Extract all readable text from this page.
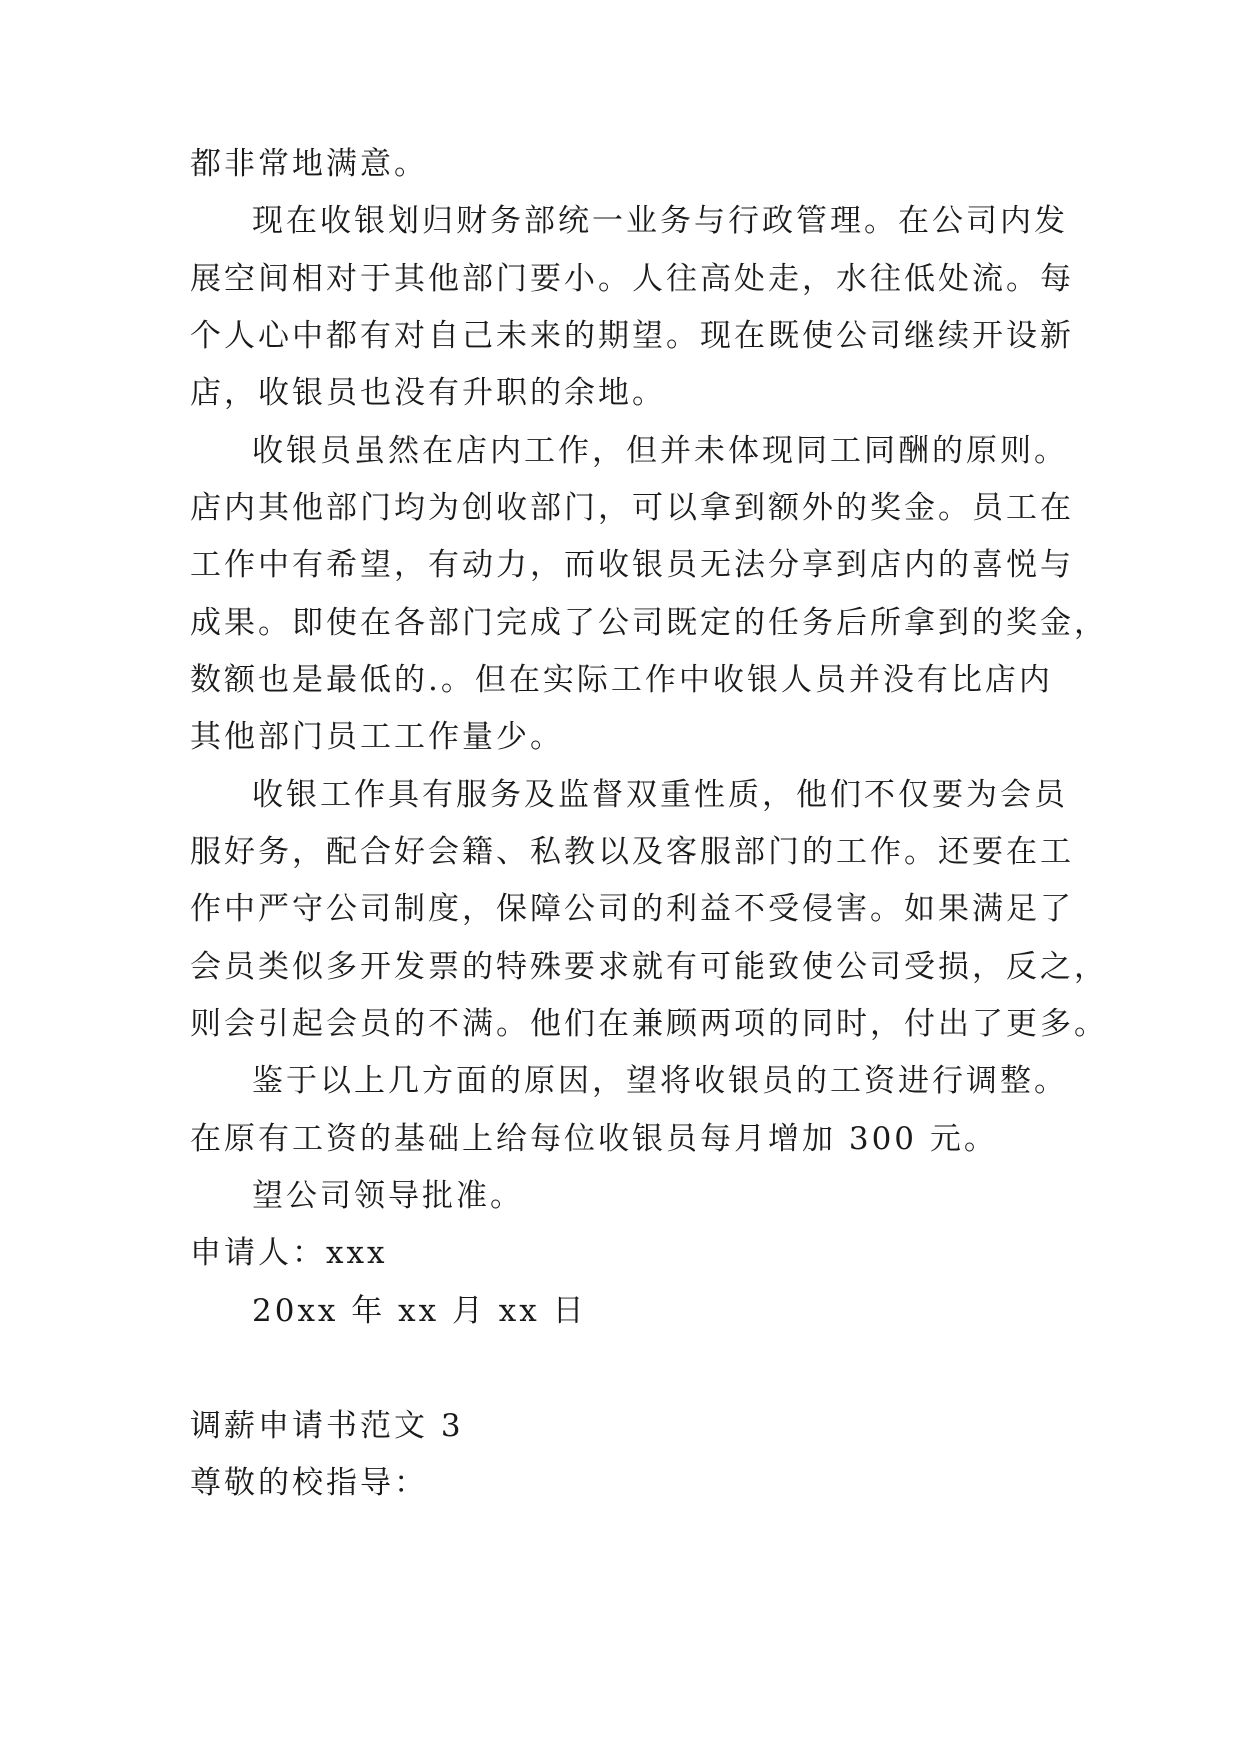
都非常地满意。
现在收银划归财务部统一业务与行政管理。在公司内发
展空间相对于其他部门要小。人往高处走，水往低处流。每
个人心中都有对自己未来的期望。现在既使公司继续开设新
店，收银员也没有升职的余地。
收银员虽然在店内工作，但并未体现同工同酬的原则。
店内其他部门均为创收部门，可以拿到额外的奖金。员工在
工作中有希望，有动力，而收银员无法分享到店内的喜悦与
成果。即使在各部门完成了公司既定的任务后所拿到的奖金，
数额也是最低的.。但在实际工作中收银人员并没有比店内
其他部门员工工作量少。
收银工作具有服务及监督双重性质，他们不仅要为会员
服好务，配合好会籍、私教以及客服部门的工作。还要在工
作中严守公司制度，保障公司的利益不受侵害。如果满足了
会员类似多开发票的特殊要求就有可能致使公司受损，反之，
则会引起会员的不满。他们在兼顾两项的同时，付出了更多。
鉴于以上几方面的原因，望将收银员的工资进行调整。
在原有工资的基础上给每位收银员每月增加 300 元。
望公司领导批准。
申请人：xxx
20xx 年 xx 月 xx 日
调薪申请书范文 3
尊敬的校指导：
